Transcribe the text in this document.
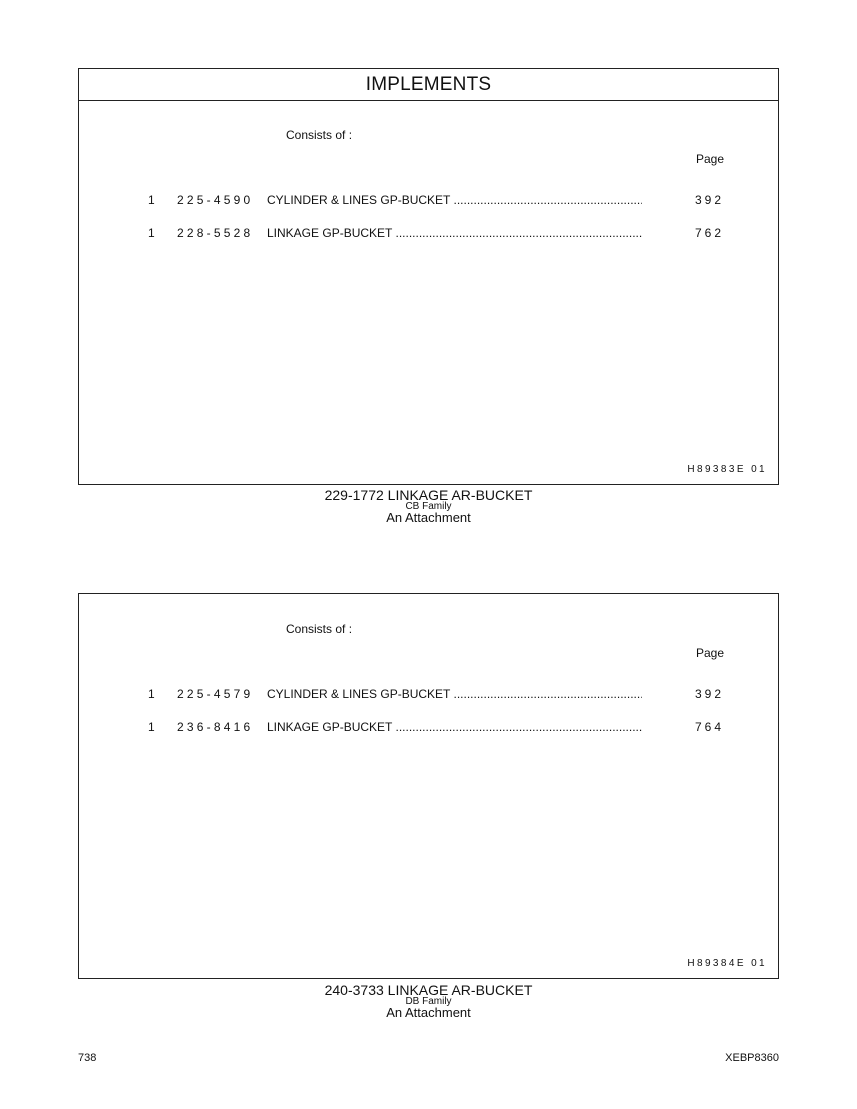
IMPLEMENTS
Consists of :
Page
1 225-4590 CYLINDER & LINES GP-BUCKET .....	392
1 228-5528 LINKAGE GP-BUCKET .....	762
H89383E 01
229-1772 LINKAGE AR-BUCKET
CB Family
An Attachment
Consists of :
Page
1 225-4579 CYLINDER & LINES GP-BUCKET .....	392
1 236-8416 LINKAGE GP-BUCKET .....	764
H89384E 01
240-3733 LINKAGE AR-BUCKET
DB Family
An Attachment
738	XEBP8360
